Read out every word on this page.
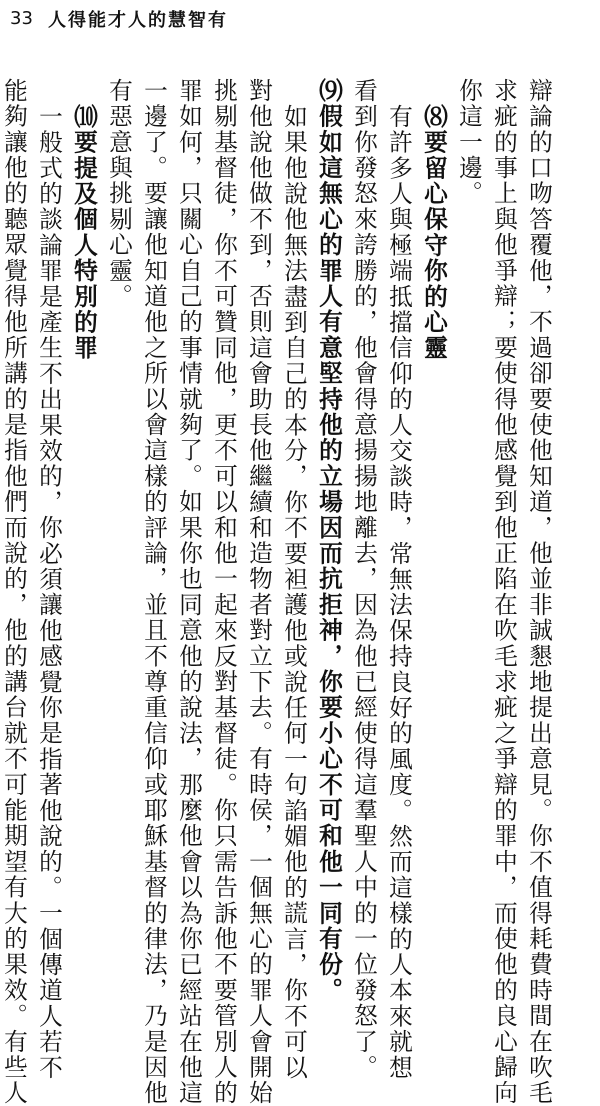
33 人得能才人的慧智有
辯論的口吻答覆他，不過卻要使他知道，他並非誠懇地提出意見。你不值得耗費時間在吹毛
求疵的事上與他爭辯；要使得他感覺到他正陷在吹毛求疵之爭辯的罪中，而使他的良心歸向
你這一邊。
⑻要留心保守你的心靈
有許多人與極端抵擋信仰的人交談時，常無法保持良好的風度。然而這樣的人本來就想
看到你發怒來誇勝的，他會得意揚揚地離去，因為他已經使得這羣聖人中的一位發怒了。
⑼假如這無心的罪人有意堅持他的立場因而抗拒神，你要小心不可和他一同有份。
如果他說他無法盡到自己的本分，你不要袒護他或說任何一句諂媚他的謊言，你不可以
對他說他做不到，否則這會助長他繼續和造物者對立下去。有時侯，一個無心的罪人會開始
挑剔基督徒，你不可贊同他，更不可以和他一起來反對基督徒。你只需告訴他不要管別人的
罪如何，只關心自己的事情就夠了。如果你也同意他的說法，那麼他會以為你已經站在他這
一邊了。要讓他知道他之所以會這樣的評論，並且不尊重信仰或耶穌基督的律法，乃是因他
有惡意與挑剔心靈。
⑽要提及個人特別的罪
一般式的談論罪是產生不出果效的，你必須讓他感覺你是指著他說的。一個傳道人若不
能夠讓他的聽眾覺得他所講的是指他們而說的，他的講台就不可能期望有大的果效。有些人
